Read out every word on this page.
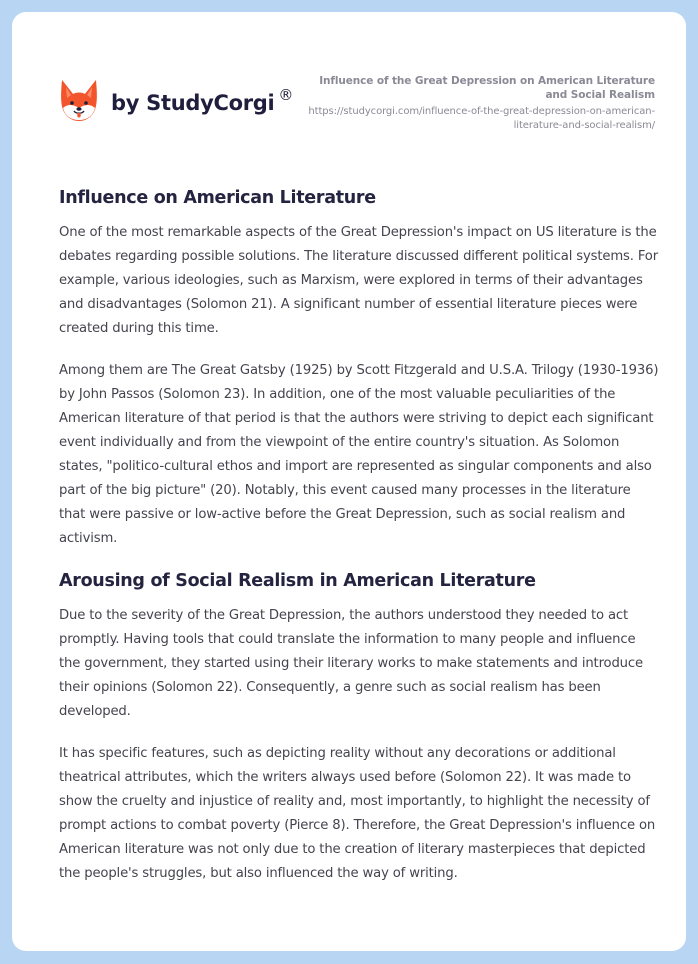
by StudyCorgi ®
Influence of the Great Depression on American Literature and Social Realism
https://studycorgi.com/influence-of-the-great-depression-on-american-literature-and-social-realism/
Influence on American Literature

One of the most remarkable aspects of the Great Depression's impact on US literature is the debates regarding possible solutions. The literature discussed different political systems. For example, various ideologies, such as Marxism, were explored in terms of their advantages and disadvantages (Solomon 21). A significant number of essential literature pieces were created during this time.

Among them are The Great Gatsby (1925) by Scott Fitzgerald and U.S.A. Trilogy (1930-1936) by John Passos (Solomon 23). In addition, one of the most valuable peculiarities of the American literature of that period is that the authors were striving to depict each significant event individually and from the viewpoint of the entire country's situation. As Solomon states, "politico-cultural ethos and import are represented as singular components and also part of the big picture" (20). Notably, this event caused many processes in the literature that were passive or low-active before the Great Depression, such as social realism and activism.

Arousing of Social Realism in American Literature

Due to the severity of the Great Depression, the authors understood they needed to act promptly. Having tools that could translate the information to many people and influence the government, they started using their literary works to make statements and introduce their opinions (Solomon 22). Consequently, a genre such as social realism has been developed.

It has specific features, such as depicting reality without any decorations or additional theatrical attributes, which the writers always used before (Solomon 22). It was made to show the cruelty and injustice of reality and, most importantly, to highlight the necessity of prompt actions to combat poverty (Pierce 8). Therefore, the Great Depression's influence on American literature was not only due to the creation of literary masterpieces that depicted the people's struggles, but also influenced the way of writing.
